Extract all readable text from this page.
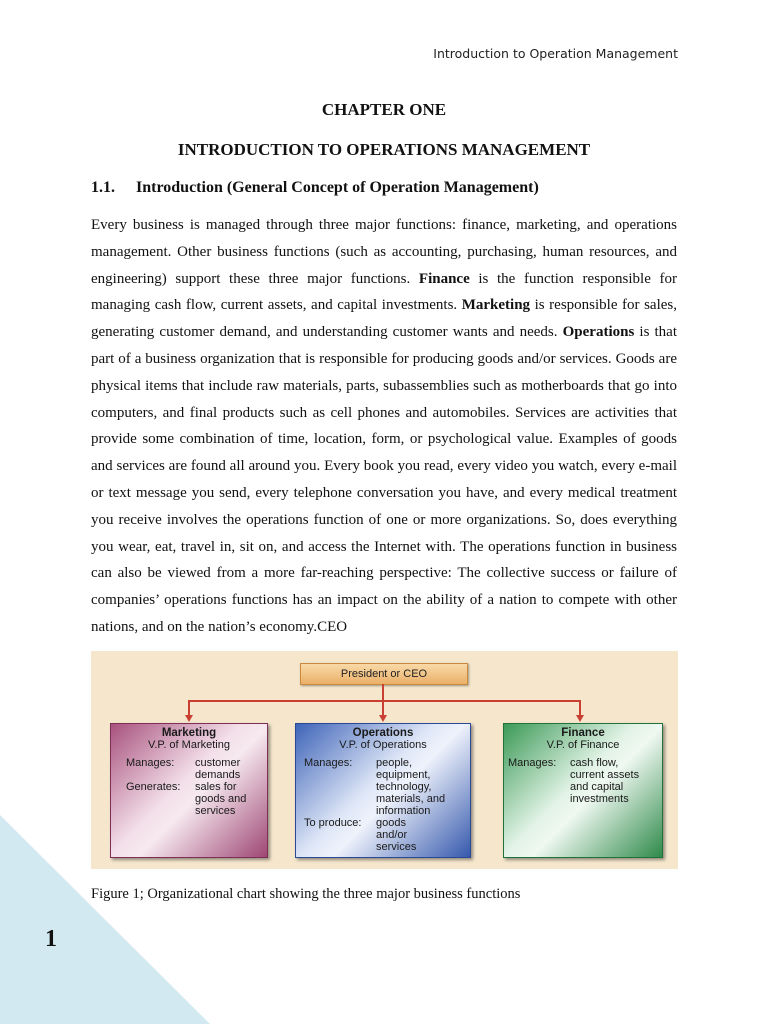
1
Introduction to Operation Management
CHAPTER ONE
INTRODUCTION TO OPERATIONS MANAGEMENT
1.1. Introduction (General Concept of Operation Management)

Every business is managed through three major functions: finance, marketing, and operations management. Other business functions (such as accounting, purchasing, human resources, and engineering) support these three major functions. Finance is the function responsible for managing cash flow, current assets, and capital investments. Marketing is responsible for sales, generating customer demand, and understanding customer wants and needs. Operations is that part of a business organization that is responsible for producing goods and/or services. Goods are physical items that include raw materials, parts, subassemblies such as motherboards that go into computers, and final products such as cell phones and automobiles. Services are activities that provide some combination of time, location, form, or psychological value. Examples of goods and services are found all around you. Every book you read, every video you watch, every e-mail or text message you send, every telephone conversation you have, and every medical treatment you receive involves the operations function of one or more organizations. So, does everything you wear, eat, travel in, sit on, and access the Internet with. The operations function in business can also be viewed from a more far-reaching perspective: The collective success or failure of companies’ operations functions has an impact on the ability of a nation to compete with other nations, and on the nation’s economy.CEO

President or CEO
Marketing
V.P. of Marketing
Manages: customer
demands
Generates: sales for
goods and
services
Operations
V.P. of Operations
Manages: people,
equipment,
technology,
materials, and
information
To produce: goods
and/or
services
Finance
V.P. of Finance
Manages: cash flow,
current assets
and capital
investments
Figure 1; Organizational chart showing the three major business functions
